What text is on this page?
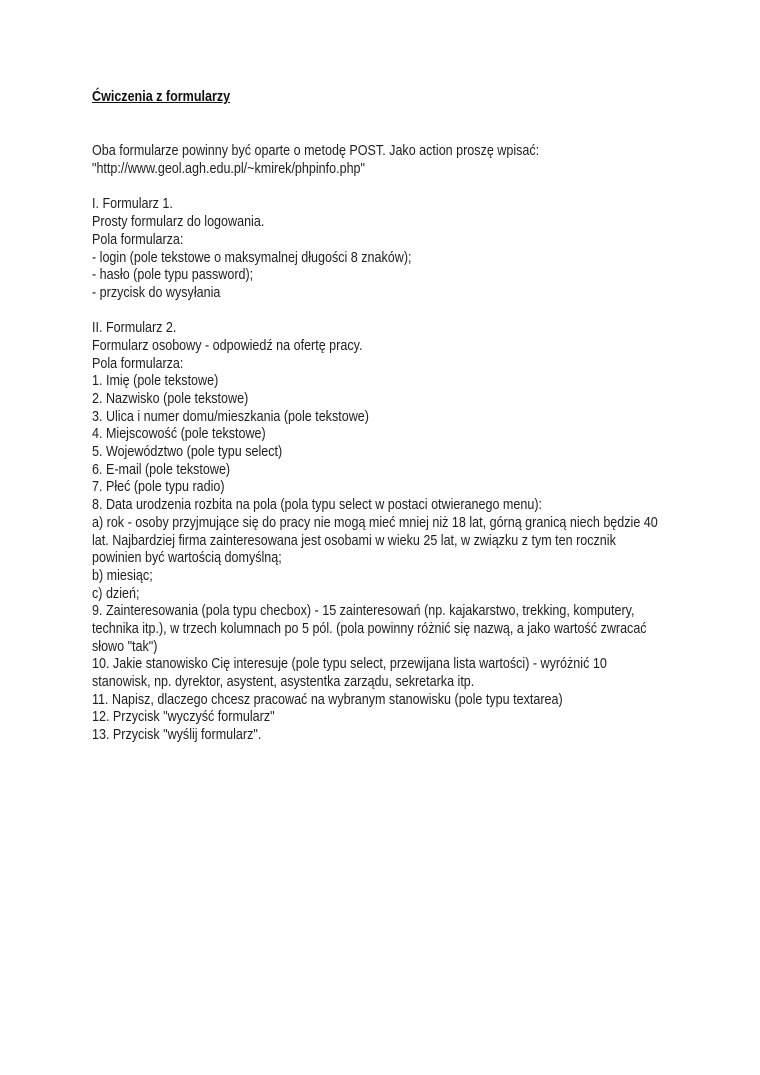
Ćwiczenia z formularzy
Oba formularze powinny być oparte o metodę POST. Jako action proszę wpisać:
"http://www.geol.agh.edu.pl/~kmirek/phpinfo.php"
I. Formularz 1.
Prosty formularz do logowania.
Pola formularza:
- login (pole tekstowe o maksymalnej długości 8 znaków);
- hasło (pole typu password);
- przycisk do wysyłania
II. Formularz 2.
Formularz osobowy - odpowiedź na ofertę pracy.
Pola formularza:
1. Imię (pole tekstowe)
2. Nazwisko (pole tekstowe)
3. Ulica i numer domu/mieszkania (pole tekstowe)
4. Miejscowość (pole tekstowe)
5. Województwo (pole typu select)
6. E-mail (pole tekstowe)
7. Płeć (pole typu radio)
8. Data urodzenia rozbita na pola (pola typu select w postaci otwieranego menu):
a) rok - osoby przyjmujące się do pracy nie mogą mieć mniej niż 18 lat, górną granicą niech będzie 40
lat. Najbardziej firma zainteresowana jest osobami w wieku 25 lat, w związku z tym ten rocznik
powinien być wartością domyślną;
b) miesiąc;
c) dzień;
9. Zainteresowania (pola typu checbox) - 15 zainteresowań (np. kajakarstwo, trekking, komputery,
technika itp.), w trzech kolumnach po 5 pól. (pola powinny różnić się nazwą, a jako wartość zwracać
słowo "tak")
10. Jakie stanowisko Cię interesuje (pole typu select, przewijana lista wartości) - wyróżnić 10
stanowisk, np. dyrektor, asystent, asystentka zarządu, sekretarka itp.
11. Napisz, dlaczego chcesz pracować na wybranym stanowisku (pole typu textarea)
12. Przycisk "wyczyść formularz"
13. Przycisk "wyślij formularz".
